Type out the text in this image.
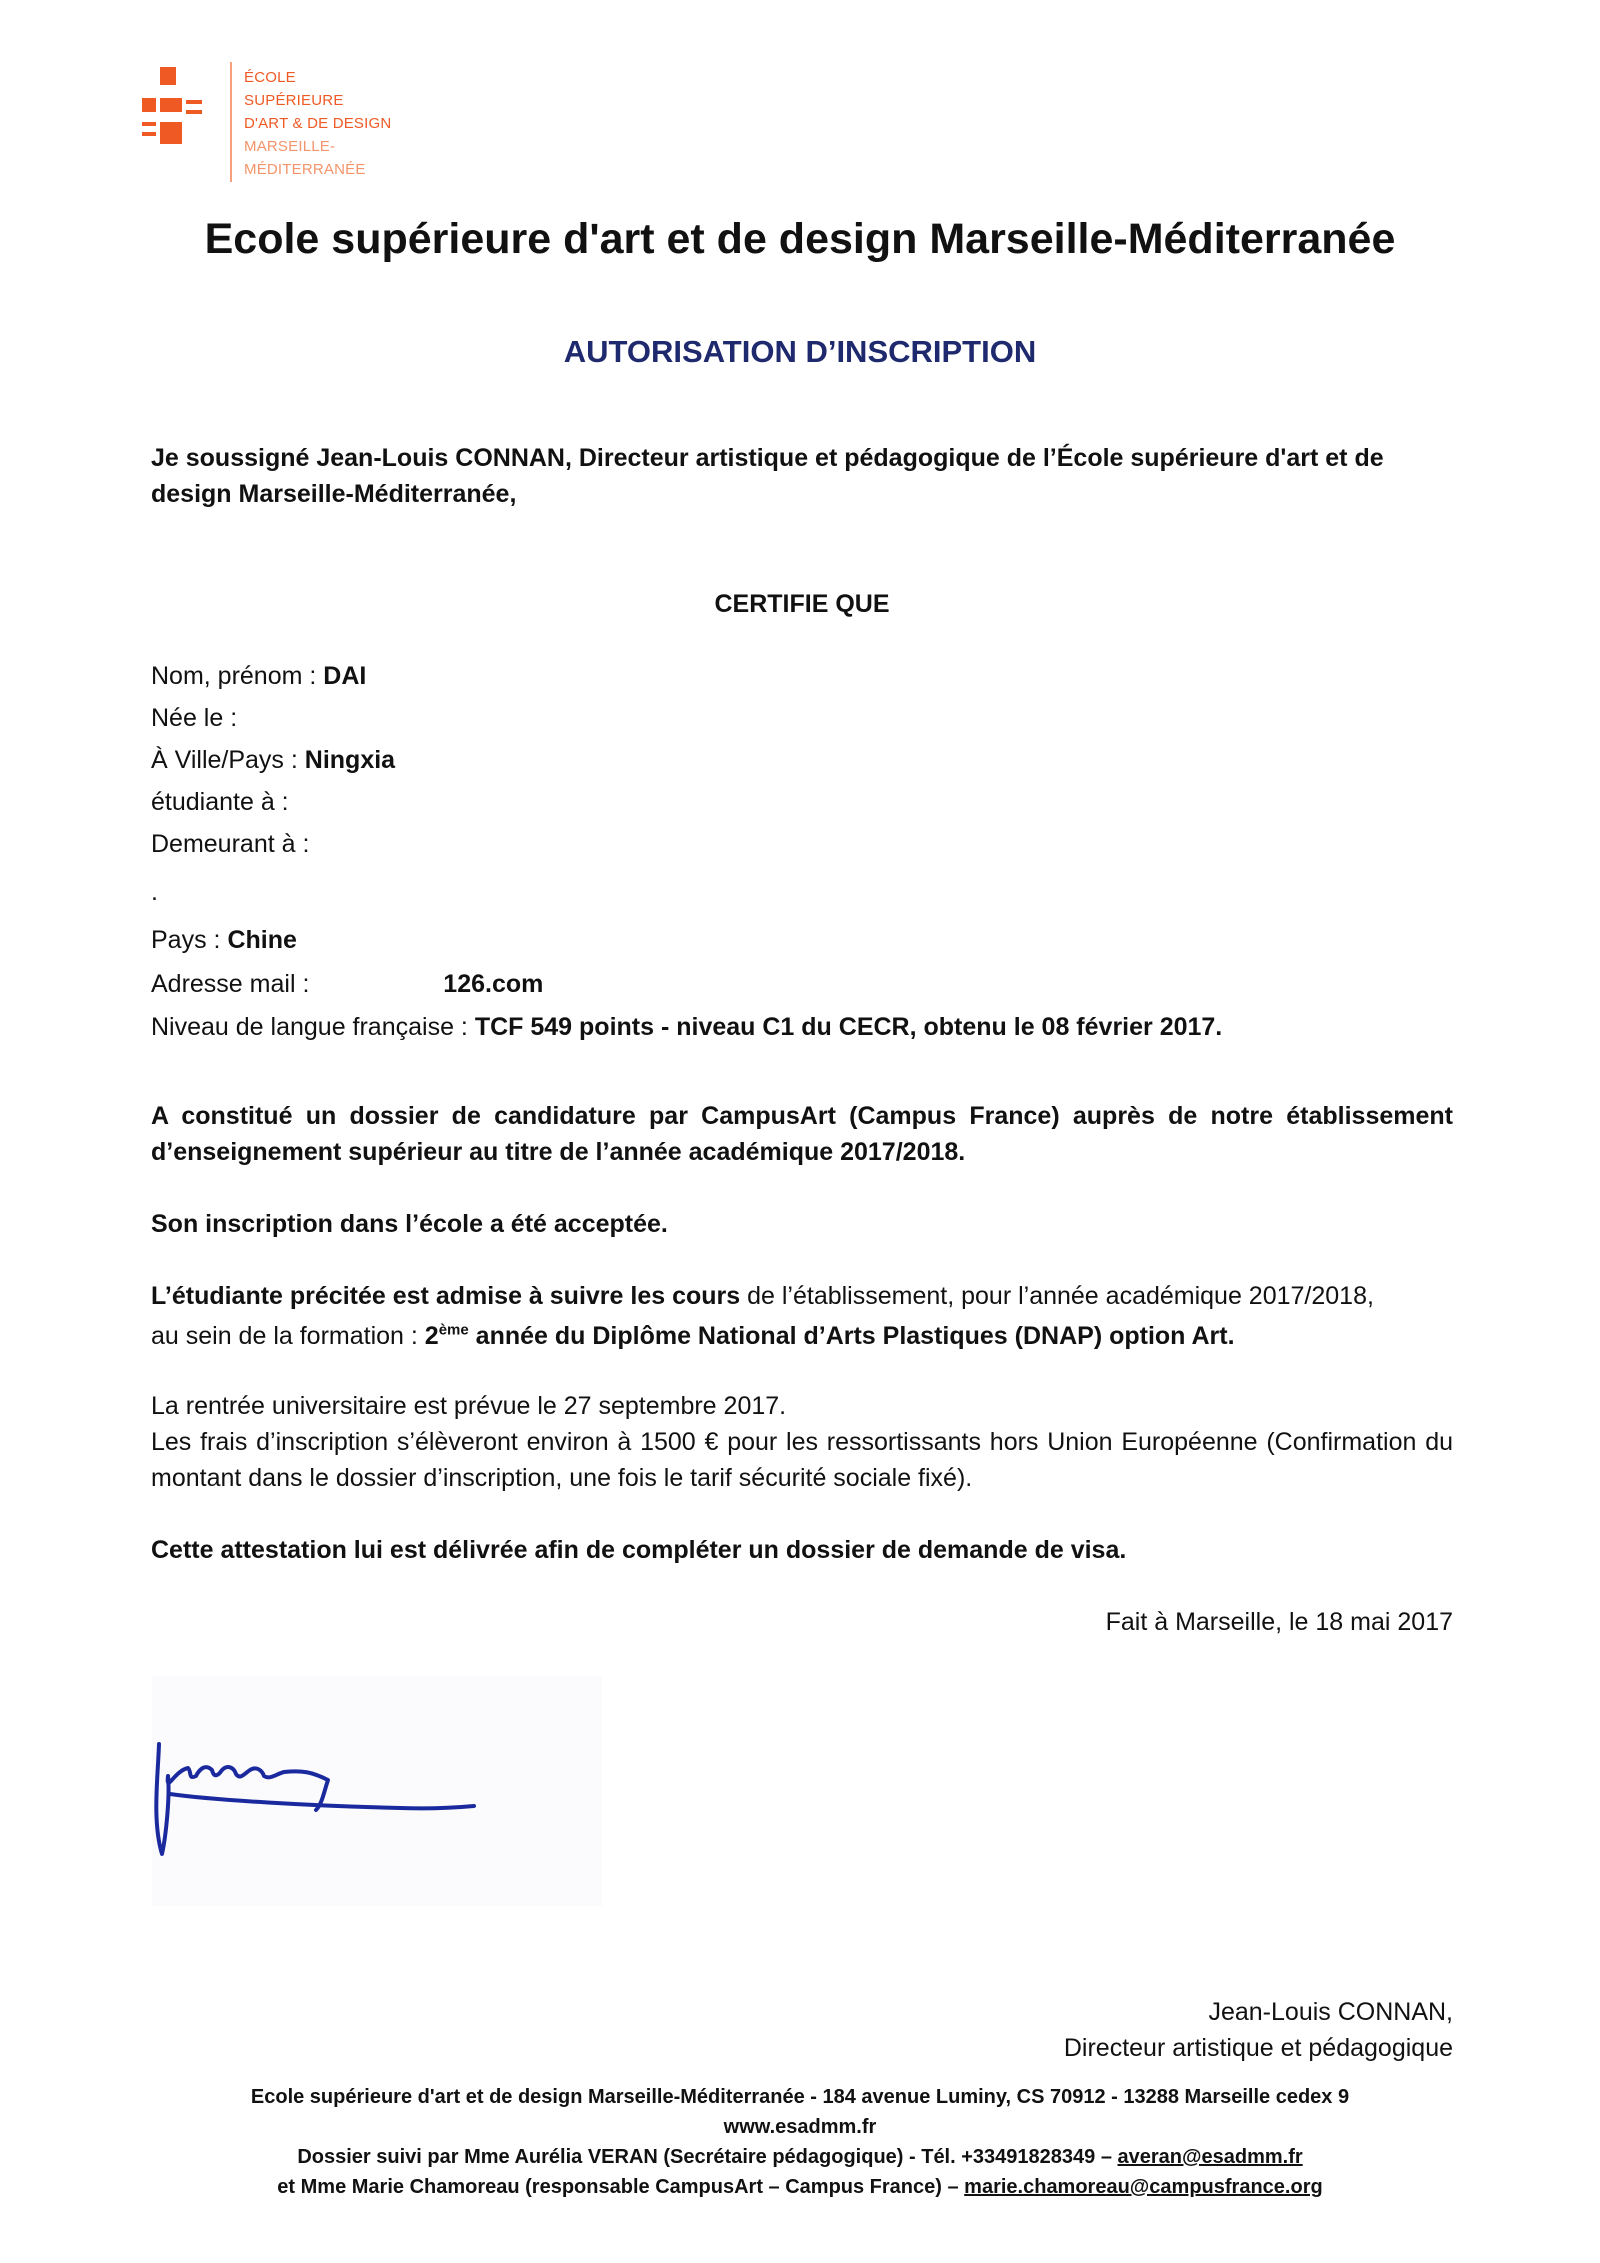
ÉCOLE
SUPÉRIEURE
D'ART & DE DESIGN
MARSEILLE-
MÉDITERRANÉE
Ecole supérieure d'art et de design Marseille-Méditerranée
AUTORISATION D’INSCRIPTION
Je soussigné Jean-Louis CONNAN, Directeur artistique et pédagogique de l’École supérieure d'art et de
design Marseille-Méditerranée,
CERTIFIE QUE
Nom, prénom : DAI
Née le :
À Ville/Pays : Ningxia
étudiante à :
Demeurant à :
.
Pays : Chine
Adresse mail :	126.com
Niveau de langue française : TCF 549 points - niveau C1 du CECR, obtenu le 08 février 2017.
A constitué un dossier de candidature par CampusArt (Campus France) auprès de notre établissement d’enseignement supérieur au titre de l’année académique 2017/2018.
Son inscription dans l’école a été acceptée.
L’étudiante précitée est admise à suivre les cours de l’établissement, pour l’année académique 2017/2018,
au sein de la formation : 2ème année du Diplôme National d’Arts Plastiques (DNAP) option Art.
La rentrée universitaire est prévue le 27 septembre 2017.
Les frais d’inscription s’élèveront environ à 1500 € pour les ressortissants hors Union Européenne (Confirmation du montant dans le dossier d’inscription, une fois le tarif sécurité sociale fixé).
Cette attestation lui est délivrée afin de compléter un dossier de demande de visa.
Fait à Marseille, le 18 mai 2017
Jean-Louis CONNAN,
Directeur artistique et pédagogique
Ecole supérieure d'art et de design Marseille-Méditerranée - 184 avenue Luminy, CS 70912 - 13288 Marseille cedex 9
www.esadmm.fr
Dossier suivi par Mme Aurélia VERAN (Secrétaire pédagogique) - Tél. +33491828349 – averan@esadmm.fr
et Mme Marie Chamoreau (responsable CampusArt – Campus France) – marie.chamoreau@campusfrance.org
